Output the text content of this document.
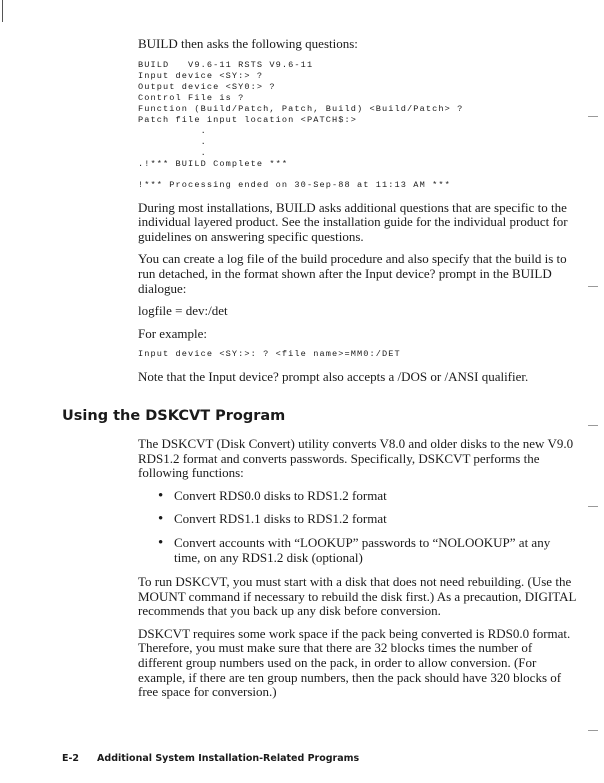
BUILD then asks the following questions:

BUILD   V9.6-11 RSTS V9.6-11
Input device <SY:> ?
Output device <SY0:> ?
Control File is ?
Function (Build/Patch, Patch, Build) <Build/Patch> ?
Patch file input location <PATCH$:>
.
.
.
.!*** BUILD Complete ***
!*** Processing ended on 30-Sep-88 at 11:13 AM ***

During most installations, BUILD asks additional questions that are specific to the individual layered product. See the installation guide for the individual product for guidelines on answering specific questions.

You can create a log file of the build procedure and also specify that the build is to run detached, in the format shown after the Input device? prompt in the BUILD dialogue:

logfile = dev:/det

For example:

Input device <SY:>: ? <file name>=MM0:/DET

Note that the Input device? prompt also accepts a /DOS or /ANSI qualifier.

Using the DSKCVT Program

The DSKCVT (Disk Convert) utility converts V8.0 and older disks to the new V9.0 RDS1.2 format and converts passwords. Specifically, DSKCVT performs the following functions:

• Convert RDS0.0 disks to RDS1.2 format
• Convert RDS1.1 disks to RDS1.2 format
• Convert accounts with “LOOKUP” passwords to “NOLOOKUP” at any time, on any RDS1.2 disk (optional)

To run DSKCVT, you must start with a disk that does not need rebuilding. (Use the MOUNT command if necessary to rebuild the disk first.) As a precaution, DIGITAL recommends that you back up any disk before conversion.

DSKCVT requires some work space if the pack being converted is RDS0.0 format. Therefore, you must make sure that there are 32 blocks times the number of different group numbers used on the pack, in order to allow conversion. (For example, if there are ten group numbers, then the pack should have 320 blocks of free space for conversion.)

E-2 Additional System Installation-Related Programs
